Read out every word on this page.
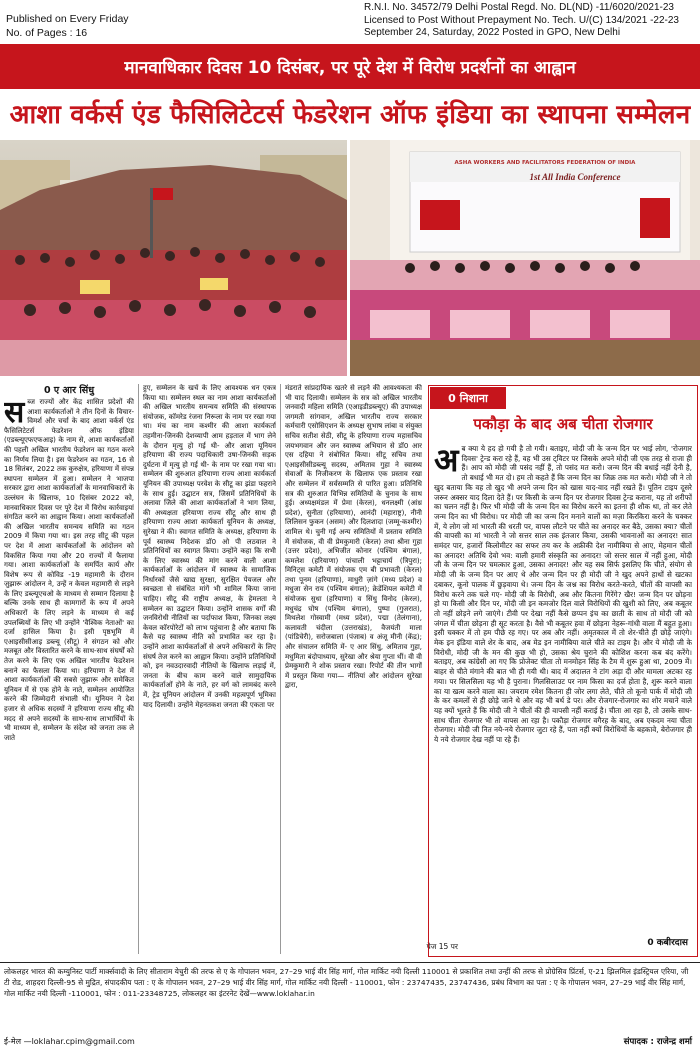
Published on Every Friday
No. of Pages : 16
R.N.I. No. 34572/79 Delhi Postal Regd. No. DL(ND) -11/6020/2021-23
Licensed to Post Without Prepayment No. Tech. U/(C) 134/2021 -22-23
September 24, Saturday, 2022 Posted in GPO, New Delhi
मानवाधिकार दिवस 10 दिसंबर, पर पूरे देश में विरोध प्रदर्शनों का आह्वान
आशा वर्कर्स एंड फैसिलिटेटर्स फेडरेशन ऑफ इंडिया का स्थापना सम्मेलन
ASHA WORKERS AND FACILITATORS FEDERATION OF INDIA
1st All India Conference
0 ए आर सिंधु
स ब्ज राज्यों और केंद्र शासित प्रदेशों की आशा कार्यकर्ताओं ने तीन दिनों के विचार-विमर्श और चर्चा के बाद आशा वर्कर्स एंड फैसिलिटेटर्स फेडरेशन ऑफ इंडिया (एडब्ल्यूएफएफआइ) के नाम से, आशा कार्यकर्ताओं की पहली अखिल भारतीय फेडरेशन का गठन करने का निर्णय लिया है। इस फेडरेशन का गठन, 16 से 18 सितंबर, 2022 तक कुरुक्षेत्र, हरियाणा में संपन्न स्थापना सम्मेलन में हुआ। सम्मेलन ने भाजपा सरकार द्वारा आशा कार्यकर्ताओं के मानवाधिकारों के उल्लंघन के खिलाफ, 10 दिसंबर 2022 को, मानवाधिकार दिवस पर पूरे देश में विरोध कार्रवाइयां संगठित करने का आह्वान किया। आशा कार्यकर्ताओं की अखिल भारतीय समन्वय समिति का गठन 2009 में किया गया था। इस तरह सीटू की पहल पर देश में आशा कार्यकर्ताओं के आंदोलन को विकसित किया गया और 20 राज्यों में फैलाया गया। आशा कार्यकर्ताओं के समर्पित कार्य और विशेष रूप से कोविड -19 महामारी के दौरान जुझारू आंदोलन ने, उन्हें न केवल महामारी से लड़ने के लिए डब्ल्यूएचओ के माध्यम से सम्मान दिलाया है बल्कि उनके साथ ही कामगारों के रूप में अपने अधिकारों के लिए लड़ने के माध्यम से कई उपलब्धियों के लिए भी उन्होंने 'वैश्विक नेताओं' का दर्जा हासिल किया है। इसी पृष्ठभूमि में एआइसीसीआइ डब्ल्यू (सीटू) ने संगठन को और मजबूत और विस्तारित करने के साथ-साथ संघर्षों को तेज करने के लिए एक अखिल भारतीय फेडरेशन बनाने का फैसला किया था। हरियाणा ने देश में आशा कार्यकर्ताओं की सबसे जुझारू और समेकित यूनियन में से एक होने के नाते, सम्मेलन आयोजित करने की जिम्मेदारी संभाली थी। यूनियन ने देश हजार से अधिक सदस्यों ने हरियाणा राज्य सीटू की मदद से अपने सदस्यों के साथ-साथ लाभार्थियों के भी माध्यम से, सम्मेलन के संदेश को जनता तक ले जाते
हुए, सम्मेलन के खर्च के लिए आवश्यक धन एकत्र किया था। सम्मेलन स्थल का नाम आशा कार्यकर्ताओं की अखिल भारतीय समन्वय समिति की संस्थापक संयोजक, कॉमरेड रंजना निरूला के नाम पर रखा गया था। मंच का नाम कश्मीर की आशा कार्यकर्ता तहमीना-जिनकी देशव्यापी आम हड़ताल में भाग लेने के दौरान मृत्यु हो गई थी- और आशा यूनियन हरियाणा की राज्य पदाधिकारी उषा-जिनकी सड़क दुर्घटना में मृत्यु हो गई थी- के नाम पर रखा गया था। सम्मेलन की शुरुआत हरियाणा राज्य आशा कार्यकर्ता यूनियन की उपाध्यक्ष परवेश के सीटू का झंडा फहराने के साथ हुई। उद्घाटन सत्र, जिसमें प्रतिनिधियों के अलावा जिले की आशा कार्यकर्ताओं ने भाग लिया, की अध्यक्षता हरियाणा राज्य सीटू और साथ ही हरियाणा राज्य आशा कार्यकर्ता यूनियन के अध्यक्ष, सुरेखा ने की। स्वागत समिति के अध्यक्ष, हरियाणा के पूर्व स्वास्थ्य निदेशक डॉ0 ओ पी लठवाल ने प्रतिनिधियों का स्वागत किया। उन्होंने कहा कि सभी के लिए स्वास्थ्य की मांग करने वाली आशा कार्यकर्ताओं के आंदोलन में स्वास्थ्य के सामाजिक निर्धारकों जैसे खाद्य सुरक्षा, सुरक्षित पेयजल और स्वच्छता से संबंधित मांगें भी शामिल किया जाना चाहिए। सीटू की राष्ट्रीय अध्यक्ष, के हेमलता ने सम्मेलन का उद्घाटन किया। उन्होंने शासक वर्गों की जनविरोधी नीतियों का पर्दाफाश किया, जिनका लक्ष्य केवल कॉरपोरेटों को लाभ पहुंचाना है और बताया कि कैसे यह स्वास्थ्य नीति को प्रभावित कर रहा है। उन्होंने आशा कार्यकर्ताओं से अपने अधिकारों के लिए संघर्ष तेज करने का आह्वान किया। उन्होंने प्रतिनिधियों को, इन नवउदारवादी नीतियों के खिलाफ लड़ाई में, जनता के बीच काम करने वाले सामुदायिक कार्यकर्ताओं होने के नाते, हर वर्ग को लामबंद करने में, ट्रेड यूनियन आंदोलन में उनकी महत्वपूर्ण भूमिका याद दिलायी। उन्होंने मेहनतकश जनता की एकता पर
मंडराते सांप्रदायिक खतरे से लड़ने की आवश्यकता की भी याद दिलायी। सम्मेलन के सत्र को अखिल भारतीय जनवादी महिला समिति (एआइडीडब्ल्यूए) की उपाध्यक्ष जगमती सांगवान, अखिल भारतीय राज्य सरकार कर्मचारी एसोसिएशन के अध्यक्ष सुभाष लांबा व संयुक्त सचिव सतीश सेठी, सीटू के हरियाणा राज्य महासचिव जयभगवान और जन स्वास्थ्य अभियान से डॉ0 आर एस दहिया ने संबोधित किया। सीटू सचिव तथा एआइसीसीडब्ल्यू सदस्य, अमिताव गुहा ने स्वास्थ्य सेवाओं के निजीकरण के खिलाफ एक प्रस्ताव रखा और सम्मेलन में सर्वसम्मति से पारित हुआ। प्रतिनिधि सत्र की शुरुआत विभिन्न समितियों के चुनाव के साथ हुई। अध्यक्षमंडल में प्रेमा (केरल), धनलक्ष्मी (आंध्र प्रदेश), सुनीता (हरियाणा), आनंदी (महाराष्ट्र), नीनी लिलिसन फुकन (असम) और दिलशादा (जम्मू-कश्मीर) शामिल थे। चुनी गई अन्य समितियों में प्रस्ताव समिति में संयोजक, वी वी प्रेमकुमारी (केरल) तथा श्रीना गुहा (उत्तर प्रदेश), अभिजीत कोनार (पश्चिम बंगाल), कमलेश (हरियाणा) पांचाली भट्टाचार्य (त्रिपुरा); मिनिट्स कमेटी में संयोजक एम बी प्रभावती (केरल) तथा पूनम (हरियाणा), माधुरी ज़ांगे (मध्य प्रदेश) व मधुजा सेन राय (पश्चिम बंगाल); क्रेडेंशियल कमेटी में संयोजक सुधा (हरियाणा) व सिंधु विनोद (केरल), मधुचंद्र घोष (पश्चिम बंगाल), पुष्पा (गुजरात), मिथलेश गोस्वामी (मध्य प्रदेश), पद्मा (तेलंगाना), कलावती चंदीला (उत्तराखंड), वैजयंती माला (पांडिचेरी), सरोजबाला (पंजाब) व अंजू मीनी (केंद्र); और संचालन समिति में- ए आर सिंधु, अमिताव गुहा, मधुमिता बंदोपाध्याय, सुरेखा और श्रेया गुप्ता थीं। वी वी प्रेमकुमारी ने शोक प्रस्ताव रखा। रिपोर्ट की तीन भागों में प्रस्तुत किया गया— नीतियां और आंदोलन सुरेखा द्वारा,
पेज 15 पर
0 निशाना
पकौड़ा के बाद अब चीता रोजगार
अब क्या ये हद हो गयी है तो गयी। बताइए, मोदी जी के जन्म दिन पर भाई लोग, 'रोजगार दिवस' ट्रेन्ड करा रहे हैं, वह भी उस ट्विटर पर जिसके अपने मोदी जी एक तरह से राजा ही हैं। आप को मोदी जी पसंद नहीं हैं, तो पसंद मत करो। जन्म दिन की बधाई नहीं देनी है, तो बधाई भी मत दो। हम तो कहते हैं कि जन्म दिन का जिक्र तक मत करो। मोदी जी ने तो खुद बताया कि वह तो खुद भी अपने जन्म दिन को खास याद-वाद नहीं रखते हैं। पूतिन टाइप दूसरे जरूर अक्सर याद दिला देते हैं। पर किसी के जन्म दिन पर रोजगार दिवस ट्रेन्ड कराना, यह तो शरीफों का चलन नहीं है। फिर भी मोदी जी के जन्म दिन का विरोध करने का इतना ही शौक था, तो कर लेते जन्म दिन का भी विरोध। पर मोदी जी का जन्म दिन मनाने वालों का मज़ा किरकिरा करने के चक्कर में, ये लोग जो मां भारती की धरती पर, वापस लौटने पर चीते का अनादर कर बैठे, उसका क्या? चीतों की वापसी का मां भारती ने जो सत्तर साल तक इंतजार किया, उसकी भावनाओं का अनादर! सात समंदर पार, हजारों किलोमीटर का सफर तय कर के अफ्रीकी देश नामीबिया से आए, मेहमान चीतों का अनादर! अतिथि देवो भव: वाली हमारी संस्कृति का अनादर! जो सत्तर साल में नहीं हुआ, मोदी जी के जन्म दिन पर चमत्कार हुआ, उसका अनादर! और यह सब सिर्फ इसलिए कि चीते, संयोग से मोदी जी के जन्म दिन पर आए थे और जन्म दिन पर ही मोदी जी ने खुद अपने हाथों से खटका दबाकर, कूनो पालक में छुड़वाया थे। जन्म दिन के जश्न का विरोध करते-करते, चीतों की वापसी का विरोध करने तक चले गए- मोदी जी के विरोधी, अब और कितना गिरेंगे? खैर! जन्म दिन पर छोड़ना हो या किसी और दिन पर, मोदी जी इन कमजोर दिल वाले विरोधियों की खुशी को लिए, अब कबूतर तो नहीं छोड़ने लगे जाएंगे। टीवी पर देखा नहीं कैसे छप्पन इंच का छाती के साथ तो मोदी जी को जंगल में चीता छोड़ना ही सूट करता है। वैसे भी कबूतर हवा में छोड़ना नेहरू-गांधी वाला मैं बहुत हुआ। इसी चक्कर में तो हम पीछे रह गए। पर अब और नहीं। अमृतकाल में तो शेर-चीते ही छोड़े जाएंगे। मेक इन इंडिया वाले शेर के बाद, अब मेड इन नामीबिया वाले चीते का टाइम है। और ये मोदी जी के विरोधी, मोदी जी के मन की कुछ भी हो, उसका श्रेय चुराने की कोशिश करना कब बंद करेंगे। बताइए, अब कांग्रेसी आ गए कि प्रोजेक्ट चीता तो मनमोहन सिंह के टैम में शुरू हुआ था, 2009 में। बाहर से चीते मंगाने की बात भी ही गयी थी। बाद में अदालत ने टांग अड़ा दी और मामला अटका रह गया। पर सिलसिला यह भी है पुराना। गिलसिलाउट पर नाम किसा का दर्ज होता है, शुरू करने वाला का या खत्म करने वाला का। जयराम रमेश कितना ही जोर लगा लेते, चीते तो कूनो पार्क में मोदी जी के कर कमलों से ही छोड़े जाने थे और वह भी बर्थ डे पर। और रोजगार-रोजगार का शोर मचाने वाले यह क्यों भूलते हैं कि मोदी जी ने चीतों की ही वापसी नहीं कराई है। चीता आ रहा है, तो उसके साथ-साथ चीता रोजगार भी तो वापस आ रहा है। पकौड़ा रोजगार वगैरह के बाद, अब एकदम नया चीता रोजगार। मोदी जी नित नये-नये रोजगार जुटा रहे हैं, पता नहीं क्यों विरोधियों के बहकावे, बेरोजगार ही ये नये रोजगार देख नहीं पा रहे हैं।
0 कबीरदास
लोकलहर भारत की कम्युनिस्ट पार्टी मार्क्सवादी के लिए सीताराम येचुरी की तरफ से ए के गोपालन भवन, 27–29 भाई वीर सिंह मार्ग, गोल मार्किट नयी दिल्ली 110001 से प्रकाशित तथा उन्हीं की तरफ से प्रोग्रेसिव प्रिंटर्स, ए-21 झिलमिल इंडस्ट्रियल एरिया, जी टी रोड, शाहदरा दिल्ली-95 से मुद्रित, संपादकीय पता : ए के गोपालन भवन, 27–29 भाई वीर सिंह मार्ग, गोल मार्किट नयी दिल्ली - 110001, फोन : 23747435, 23747436, प्रबंध विभाग का पता : ए के गोपालन भवन, 27–29 भाई वीर सिंह मार्ग, गोल मार्किट नयी दिल्ली -110001, फोन : 011-23348725, लोकलहर का इंटरनेट देखें—www.loklahar.in
ई-मेल —loklahar.cpim@gmail.com	संपादक : राजेन्द्र शर्मा
